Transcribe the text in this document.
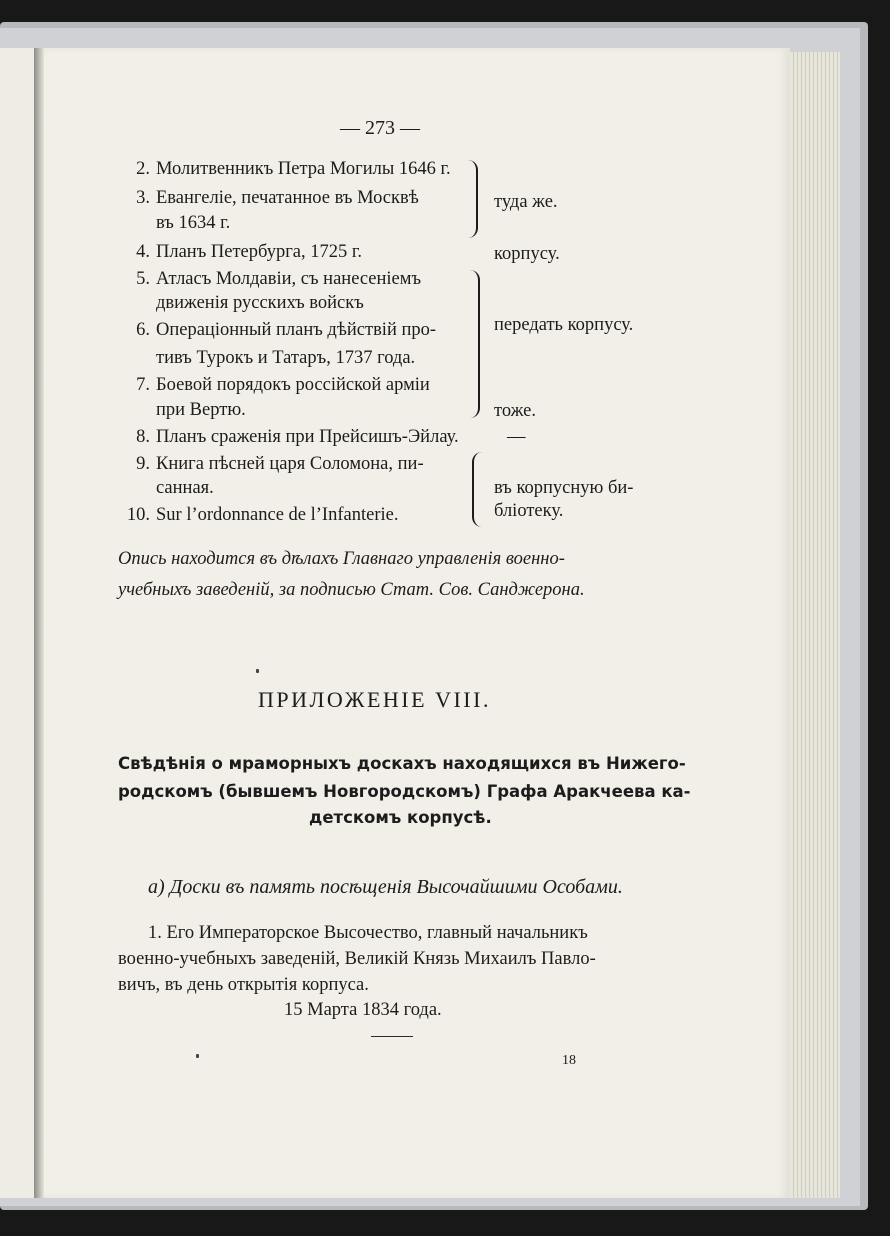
— 273 —
2. Молитвенникъ Петра Могилы 1646 г.
3. Евангеліе, печатанное въ Москвѣ
въ 1634 г.
4. Планъ Петербурга, 1725 г.
5. Атласъ Молдавіи, съ нанесеніемъ
движенія русскихъ войскъ
6. Операціонный планъ дѣйствій про-
тивъ Турокъ и Татаръ, 1737 года.
7. Боевой порядокъ россійской арміи
при Вертю.
8. Планъ сраженія при Прейсишъ-Эйлау.
9. Книга пѣсней царя Соломона, пи-
санная.
10. Sur l’ordonnance de l’Infanterie.
туда же.
корпусу.
передать корпусу.
тоже.
—
въ корпусную би-
бліотеку.
Опись находится въ дѣлахъ Главнаго управленія военно-
учебныхъ заведеній, за подписью Стат. Сов. Санджерона.
ПРИЛОЖЕНІЕ VIII.
Свѣдѣнія о мраморныхъ доскахъ находящихся въ Нижего-
родскомъ (бывшемъ Новгородскомъ) Графа Аракчеева ка-
детскомъ корпусѣ.
а) Доски въ память посѣщенія Высочайшими Особами.
1. Его Императорское Высочество, главный начальникъ
военно-учебныхъ заведеній, Великій Князь Михаилъ Павло-
вичъ, въ день открытія корпуса.
15 Марта 1834 года.
18
